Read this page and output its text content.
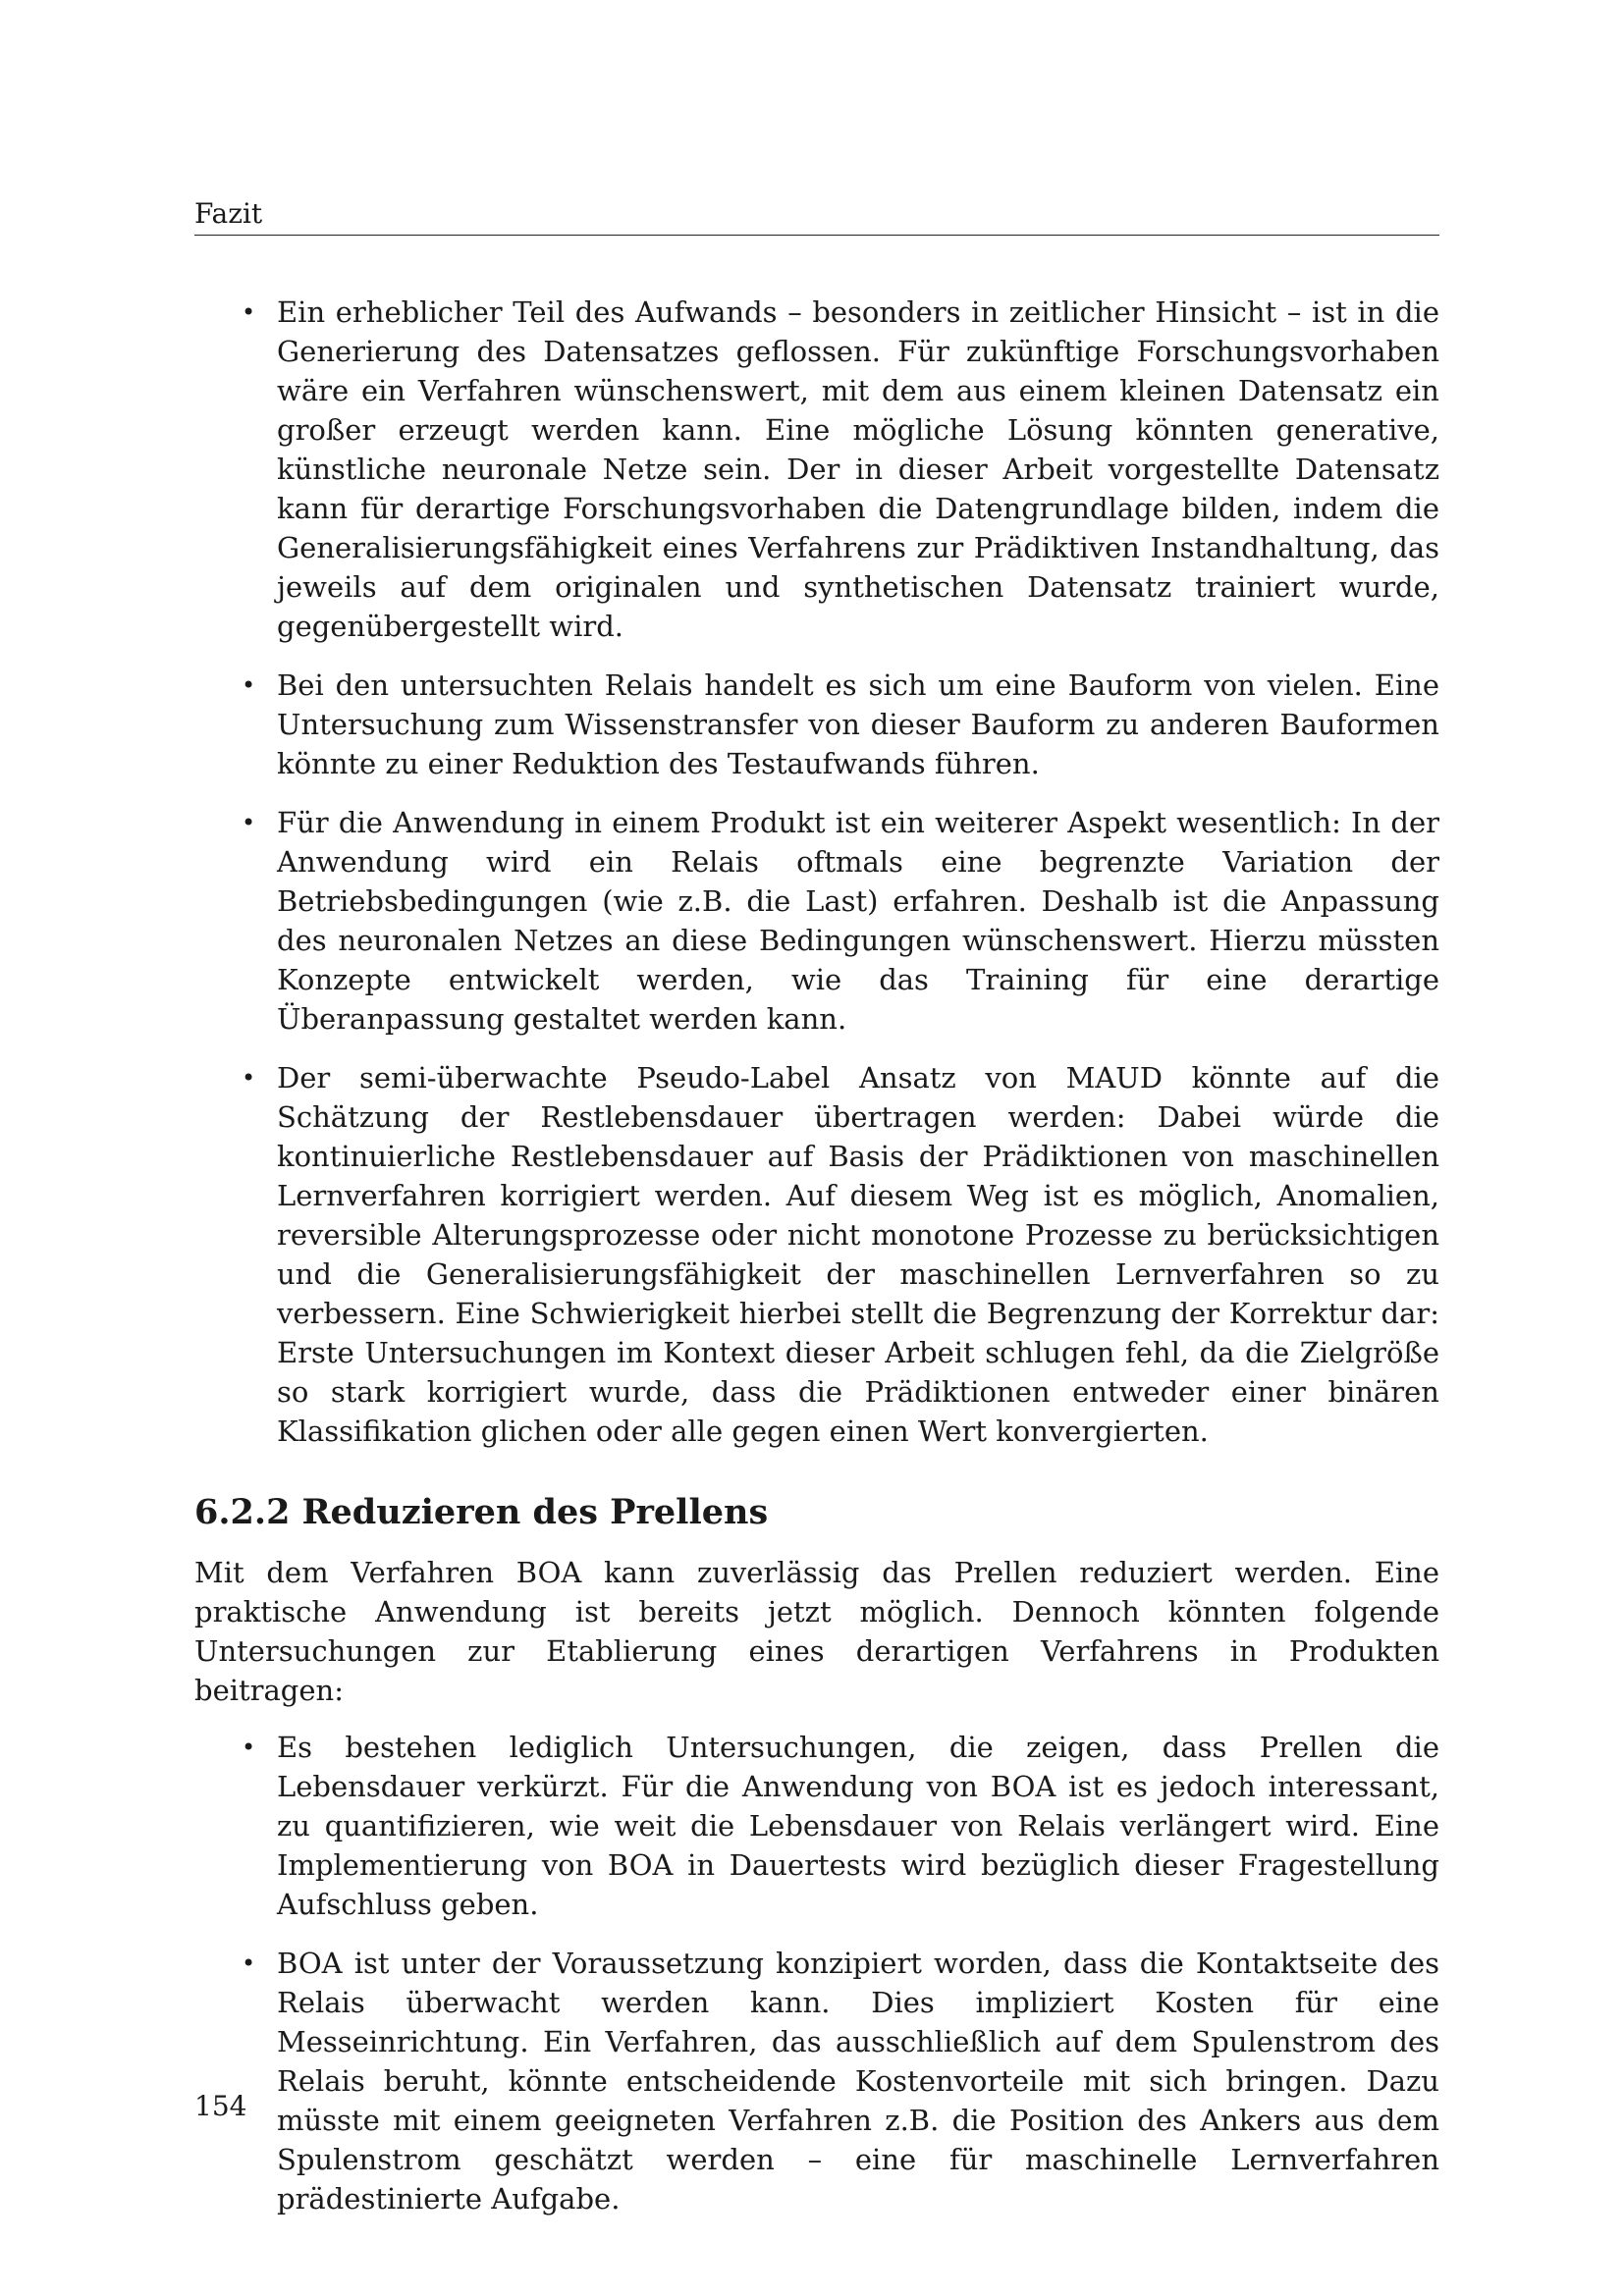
Fazit
• Ein erheblicher Teil des Aufwands – besonders in zeitlicher Hinsicht – ist in die Generierung des Datensatzes geflossen. Für zukünftige Forschungsvorhaben wäre ein Verfahren wünschenswert, mit dem aus einem kleinen Datensatz ein großer erzeugt werden kann. Eine mögliche Lösung könnten generative, künstliche neuronale Netze sein. Der in dieser Arbeit vorgestellte Datensatz kann für derartige Forschungsvorhaben die Datengrundlage bilden, indem die Generalisierungsfähigkeit eines Verfahrens zur Prädiktiven Instandhaltung, das jeweils auf dem originalen und synthetischen Datensatz trainiert wurde, gegenübergestellt wird.
• Bei den untersuchten Relais handelt es sich um eine Bauform von vielen. Eine Untersuchung zum Wissenstransfer von dieser Bauform zu anderen Bauformen könnte zu einer Reduktion des Testaufwands führen.
• Für die Anwendung in einem Produkt ist ein weiterer Aspekt wesentlich: In der Anwendung wird ein Relais oftmals eine begrenzte Variation der Betriebsbedingungen (wie z.B. die Last) erfahren. Deshalb ist die Anpassung des neuronalen Netzes an diese Bedingungen wünschenswert. Hierzu müssten Konzepte entwickelt werden, wie das Training für eine derartige Überanpassung gestaltet werden kann.
• Der semi-überwachte Pseudo-Label Ansatz von MAUD könnte auf die Schätzung der Restlebensdauer übertragen werden: Dabei würde die kontinuierliche Restlebensdauer auf Basis der Prädiktionen von maschinellen Lernverfahren korrigiert werden. Auf diesem Weg ist es möglich, Anomalien, reversible Alterungsprozesse oder nicht monotone Prozesse zu berücksichtigen und die Generalisierungsfähigkeit der maschinellen Lernverfahren so zu verbessern. Eine Schwierigkeit hierbei stellt die Begrenzung der Korrektur dar: Erste Untersuchungen im Kontext dieser Arbeit schlugen fehl, da die Zielgröße so stark korrigiert wurde, dass die Prädiktionen entweder einer binären Klassifikation glichen oder alle gegen einen Wert konvergierten.
6.2.2 Reduzieren des Prellens

Mit dem Verfahren BOA kann zuverlässig das Prellen reduziert werden. Eine praktische Anwendung ist bereits jetzt möglich. Dennoch könnten folgende Untersuchungen zur Etablierung eines derartigen Verfahrens in Produkten beitragen:

• Es bestehen lediglich Untersuchungen, die zeigen, dass Prellen die Lebensdauer verkürzt. Für die Anwendung von BOA ist es jedoch interessant, zu quantifizieren, wie weit die Lebensdauer von Relais verlängert wird. Eine Implementierung von BOA in Dauertests wird bezüglich dieser Fragestellung Aufschluss geben.
• BOA ist unter der Voraussetzung konzipiert worden, dass die Kontaktseite des Relais überwacht werden kann. Dies impliziert Kosten für eine Messeinrichtung. Ein Verfahren, das ausschließlich auf dem Spulenstrom des Relais beruht, könnte entscheidende Kostenvorteile mit sich bringen. Dazu müsste mit einem geeigneten Verfahren z.B. die Position des Ankers aus dem Spulenstrom geschätzt werden – eine für maschinelle Lernverfahren prädestinierte Aufgabe.
154
